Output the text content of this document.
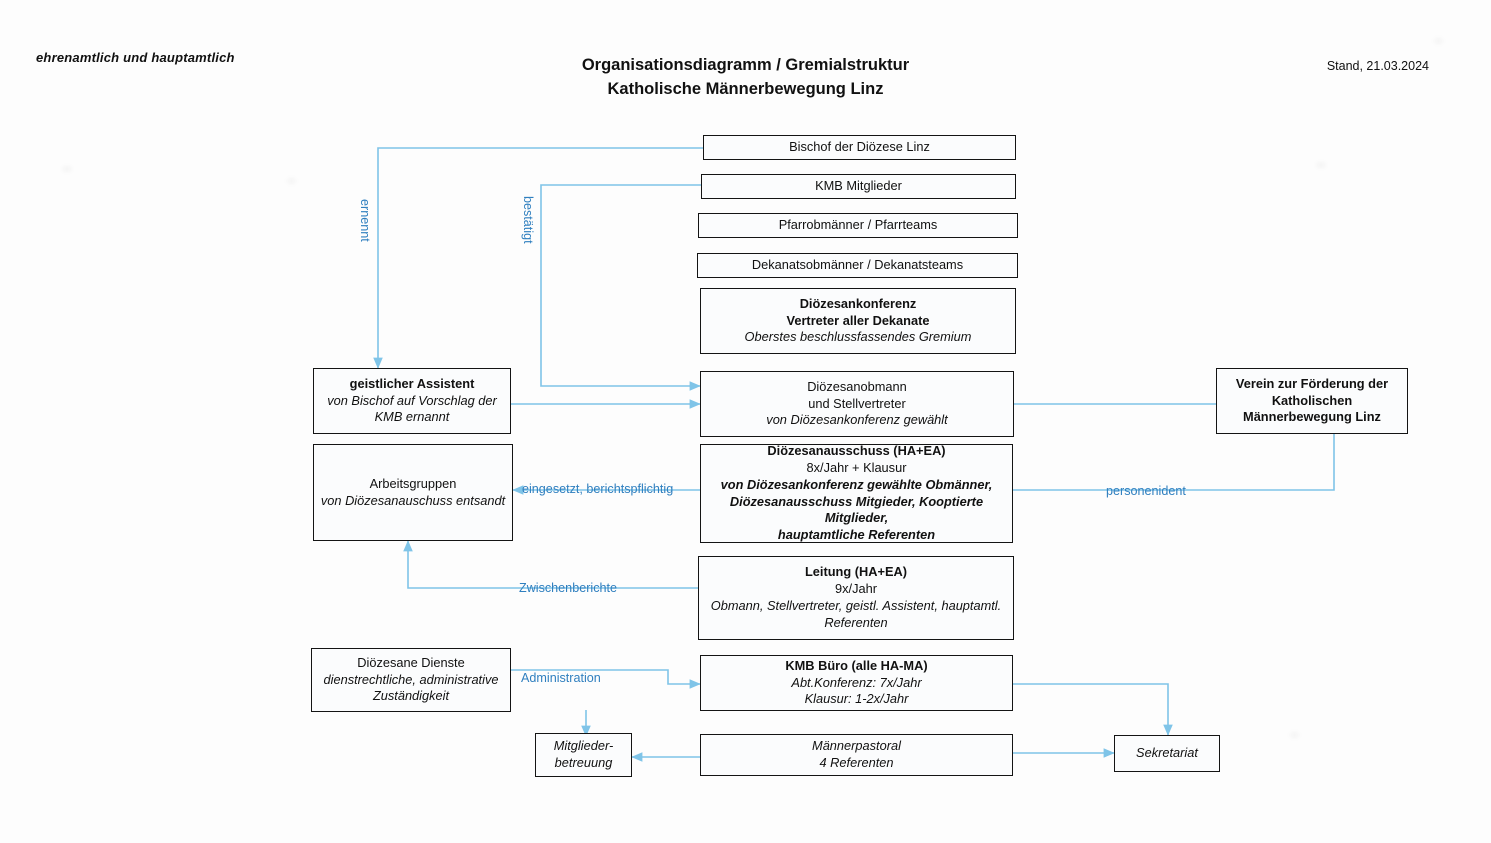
ehrenamtlich und hauptamtlich
Stand, 21.03.2024
Organisationsdiagramm / Gremialstruktur
Katholische Männerbewegung Linz
ernennt	bestätigt
eingesetzt, berichtspflichtig
Zwischenberichte
Administration
personenident
Bischof der Diözese Linz
KMB Mitglieder
Pfarrobmänner / Pfarrteams
Dekanatsobmänner / Dekanatsteams
Diözesankonferenz
Vertreter aller Dekanate
Oberstes beschlussfassendes Gremium
Diözesanobmann
und Stellvertreter
von Diözesankonferenz gewählt
Diözesanausschuss (HA+EA)
8x/Jahr + Klausur
von Diözesankonferenz gewählte Obmänner,
Diözesanausschuss Mitgieder, Kooptierte Mitglieder,
hauptamtliche Referenten
Leitung (HA+EA)
9x/Jahr
Obmann, Stellvertreter, geistl. Assistent, hauptamtl.
Referenten
KMB Büro (alle HA-MA)
Abt.Konferenz: 7x/Jahr
Klausur: 1-2x/Jahr
Männerpastoral
4 Referenten
geistlicher Assistent
von Bischof auf Vorschlag der
KMB ernannt
Arbeitsgruppen
von Diözesanauschuss entsandt
Diözesane Dienste
dienstrechtliche, administrative
Zuständigkeit
Mitglieder-
betreuung
Sekretariat
Verein zur Förderung der
Katholischen
Männerbewegung Linz
